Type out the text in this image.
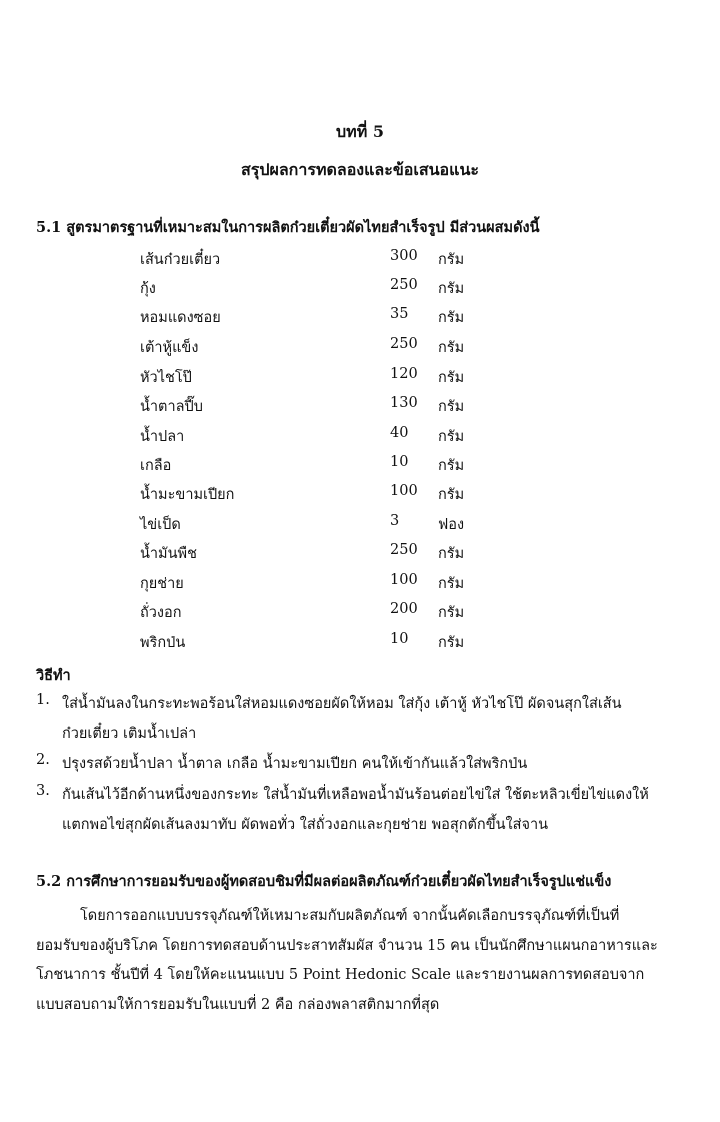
บทที่ 5
สรุปผลการทดลองและข้อเสนอแนะ
5.1 สูตรมาตรฐานที่เหมาะสมในการผลิตก๋วยเตี๋ยวผัดไทยสำเร็จรูป มีส่วนผสมดังนี้
เส้นก๋วยเตี๋ยว	300 กรัม
กุ้ง	250 กรัม
หอมแดงซอย	35 กรัม
เต้าหู้แข็ง	250 กรัม
หัวไชโป๊	120 กรัม
น้ำตาลปี๊บ	130 กรัม
น้ำปลา	40 กรัม
เกลือ	10 กรัม
น้ำมะขามเปียก	100 กรัม
ไข่เป็ด	3	ฟอง
น้ำมันพืช	250 กรัม
กุยช่าย	100 กรัม
ถั่วงอก	200 กรัม
พริกป่น	10 กรัม
วิธีทำ
1. ใส่น้ำมันลงในกระทะพอร้อนใส่หอมแดงซอยผัดให้หอม ใส่กุ้ง เต้าหู้ หัวไชโป๊ ผัดจนสุกใส่เส้น
ก๋วยเตี๋ยว เติมน้ำเปล่า
2. ปรุงรสด้วยน้ำปลา น้ำตาล เกลือ น้ำมะขามเปียก คนให้เข้ากันแล้วใส่พริกป่น
3. กันเส้นไว้อีกด้านหนึ่งของกระทะ ใส่น้ำมันที่เหลือพอน้ำมันร้อนต่อยไข่ใส่ ใช้ตะหลิวเขี่ยไข่แดงให้
แตกพอไข่สุกผัดเส้นลงมาทับ ผัดพอทั่ว ใส่ถั่วงอกและกุยช่าย พอสุกตักขึ้นใส่จาน
5.2 การศึกษาการยอมรับของผู้ทดสอบชิมที่มีผลต่อผลิตภัณฑ์ก๋วยเตี๋ยวผัดไทยสำเร็จรูปแช่แข็ง
โดยการออกแบบบรรจุภัณฑ์ให้เหมาะสมกับผลิตภัณฑ์ จากนั้นคัดเลือกบรรจุภัณฑ์ที่เป็นที่
ยอมรับของผู้บริโภค โดยการทดสอบด้านประสาทสัมผัส จำนวน 15 คน เป็นนักศึกษาแผนกอาหารและ
โภชนาการ ชั้นปีที่ 4 โดยให้คะแนนแบบ 5 Point Hedonic Scale และรายงานผลการทดสอบจาก
แบบสอบถามให้การยอมรับในแบบที่ 2 คือ กล่องพลาสติกมากที่สุด
